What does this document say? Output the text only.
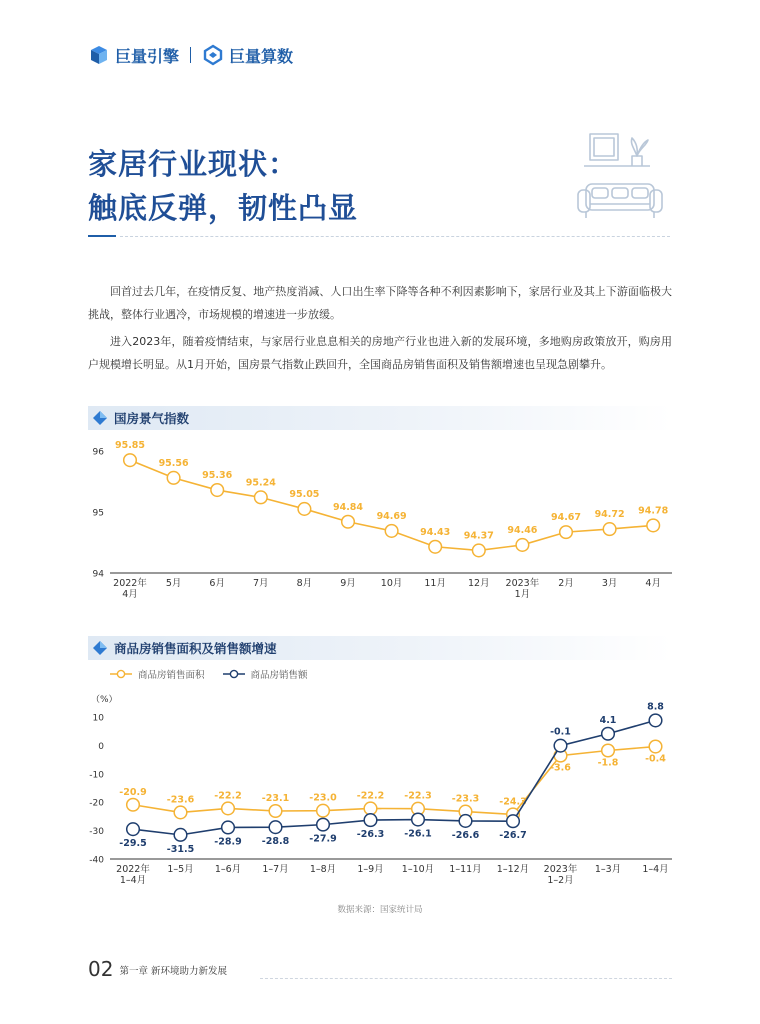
巨量引擎	巨量算数
家居行业现状：
触底反弹，韧性凸显
回首过去几年，在疫情反复、地产热度消减、人口出生率下降等各种不利因素影响下，家居行业及其上下游面临极大挑战，整体行业遇冷，市场规模的增速进一步放缓。
进入2023年，随着疫情结束，与家居行业息息相关的房地产行业也进入新的发展环境，多地购房政策放开，购房用户规模增长明显。从1月开始，国房景气指数止跌回升，全国商品房销售面积及销售额增速也呈现急剧攀升。
国房景气指数
94
95
96
2022年 4月
5月	6月	7月	8月	9月	10月 11月 12月 2023年 1月
2月	3月	4月
95.85
95.56
95.36
95.24
95.05
94.84
94.69
94.43 94.37 94.46
94.67 94.72 94.78
商品房销售面积及销售额增速
商品房销售面积	商品房销售额
（%）
-40
-30
-20
-10
0
10
2022年 1–4月
1–5月 1–6月 1–7月 1–8月 1–9月 1–10月 1–11月 1–12月 2023年 1–2月
1–3月 1–4月
-20.9
-23.6 -22.2 -23.1 -23.0 -22.2 -22.3 -23.3 -24.3
-3.6	-1.8	-0.4
-29.5
-31.5
-28.9 -28.8 -27.9 -26.3 -26.1 -26.6 -26.7
-0.1
4.1
8.8
数据来源：国家统计局
02 第一章 新环境助力新发展
